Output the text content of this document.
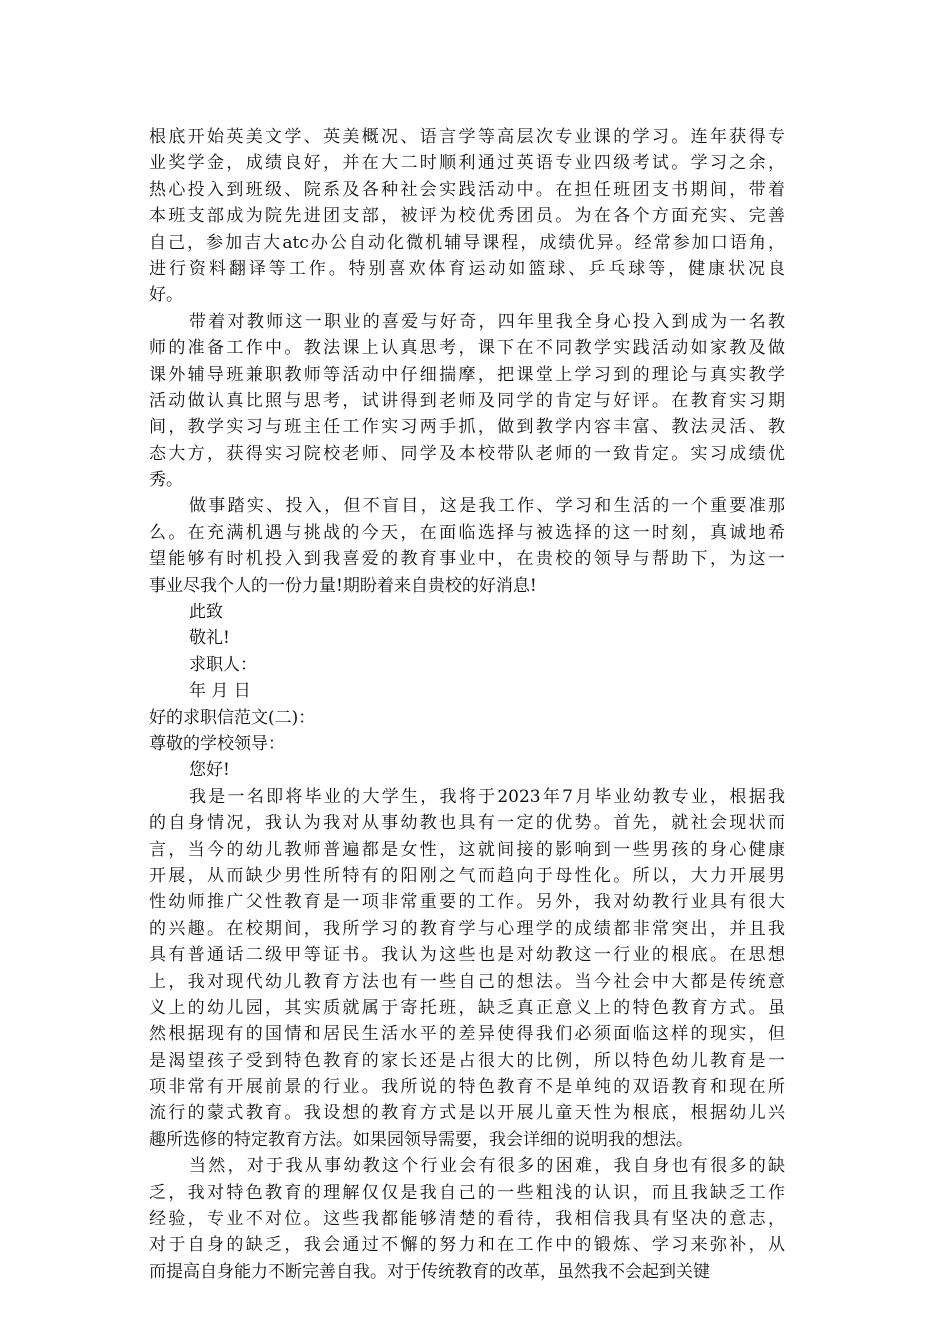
根底开始英美文学、英美概况、语言学等高层次专业课的学习。连年获得专
业奖学金，成绩良好，并在大二时顺利通过英语专业四级考试。学习之余，
热心投入到班级、院系及各种社会实践活动中。在担任班团支书期间，带着
本班支部成为院先进团支部，被评为校优秀团员。为在各个方面充实、完善
自己，参加吉大atc办公自动化微机辅导课程，成绩优异。经常参加口语角，
进行资料翻译等工作。特别喜欢体育运动如篮球、乒乓球等，健康状况良
好。
带着对教师这一职业的喜爱与好奇，四年里我全身心投入到成为一名教
师的准备工作中。教法课上认真思考，课下在不同教学实践活动如家教及做
课外辅导班兼职教师等活动中仔细揣摩，把课堂上学习到的理论与真实教学
活动做认真比照与思考，试讲得到老师及同学的肯定与好评。在教育实习期
间，教学实习与班主任工作实习两手抓，做到教学内容丰富、教法灵活、教
态大方，获得实习院校老师、同学及本校带队老师的一致肯定。实习成绩优
秀。
做事踏实、投入，但不盲目，这是我工作、学习和生活的一个重要准那
么。在充满机遇与挑战的今天，在面临选择与被选择的这一时刻，真诚地希
望能够有时机投入到我喜爱的教育事业中，在贵校的领导与帮助下，为这一
事业尽我个人的一份力量!期盼着来自贵校的好消息!
此致
敬礼!
求职人：
年 月 日
好的求职信范文(二)：
尊敬的学校领导：
您好!
我是一名即将毕业的大学生，我将于2023年7月毕业幼教专业，根据我
的自身情况，我认为我对从事幼教也具有一定的优势。首先，就社会现状而
言，当今的幼儿教师普遍都是女性，这就间接的影响到一些男孩的身心健康
开展，从而缺少男性所特有的阳刚之气而趋向于母性化。所以，大力开展男
性幼师推广父性教育是一项非常重要的工作。另外，我对幼教行业具有很大
的兴趣。在校期间，我所学习的教育学与心理学的成绩都非常突出，并且我
具有普通话二级甲等证书。我认为这些也是对幼教这一行业的根底。在思想
上，我对现代幼儿教育方法也有一些自己的想法。当今社会中大都是传统意
义上的幼儿园，其实质就属于寄托班，缺乏真正意义上的特色教育方式。虽
然根据现有的国情和居民生活水平的差异使得我们必须面临这样的现实，但
是渴望孩子受到特色教育的家长还是占很大的比例，所以特色幼儿教育是一
项非常有开展前景的行业。我所说的特色教育不是单纯的双语教育和现在所
流行的蒙式教育。我设想的教育方式是以开展儿童天性为根底，根据幼儿兴
趣所选修的特定教育方法。如果园领导需要，我会详细的说明我的想法。
当然，对于我从事幼教这个行业会有很多的困难，我自身也有很多的缺
乏，我对特色教育的理解仅仅是我自己的一些粗浅的认识，而且我缺乏工作
经验，专业不对位。这些我都能够清楚的看待，我相信我具有坚决的意志，
对于自身的缺乏，我会通过不懈的努力和在工作中的锻炼、学习来弥补，从
而提高自身能力不断完善自我。对于传统教育的改革，虽然我不会起到关键
